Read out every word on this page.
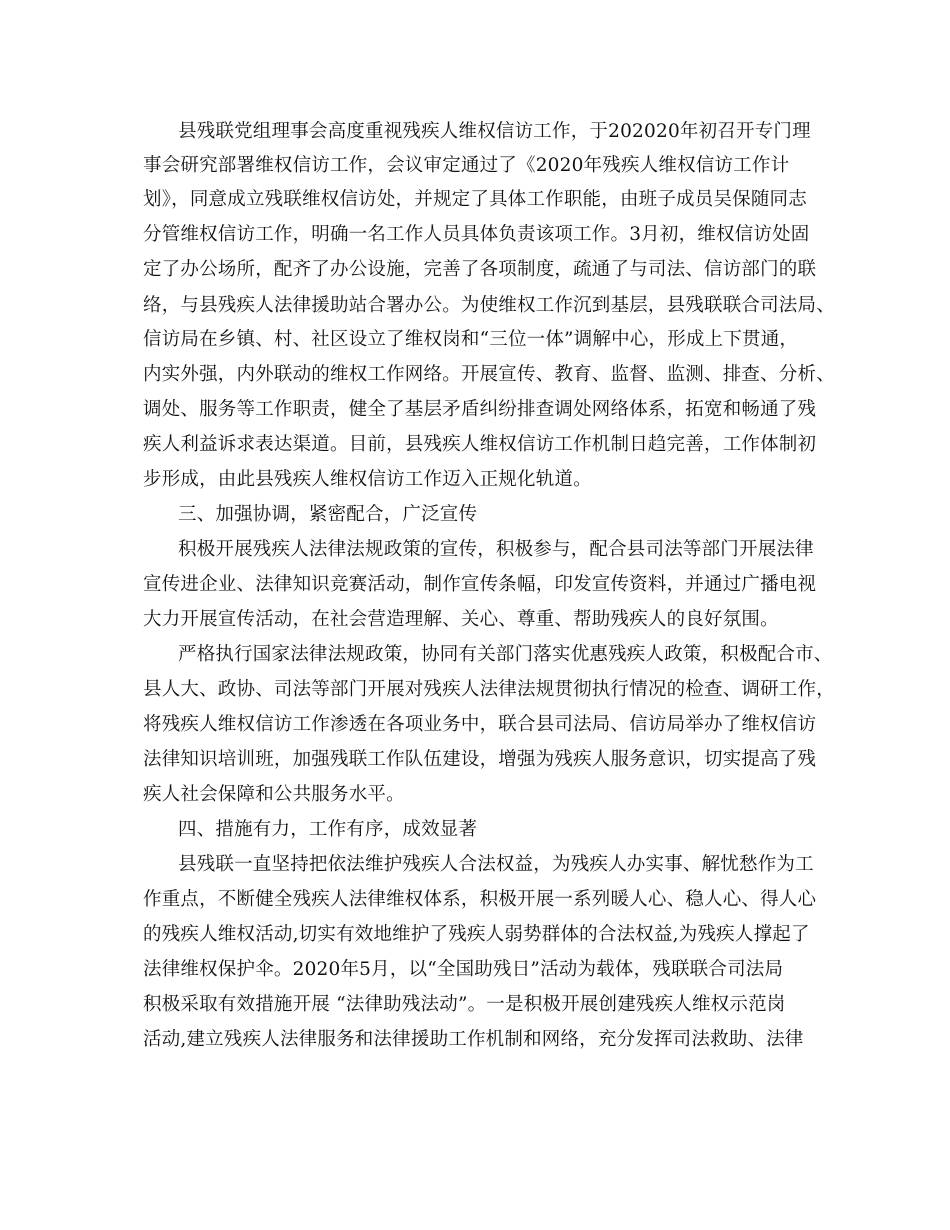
县残联党组理事会高度重视残疾人维权信访工作，于202020年初召开专门理
事会研究部署维权信访工作，会议审定通过了《2020年残疾人维权信访工作计
划》，同意成立残联维权信访处，并规定了具体工作职能，由班子成员吴保随同志
分管维权信访工作，明确一名工作人员具体负责该项工作。3月初，维权信访处固
定了办公场所，配齐了办公设施，完善了各项制度，疏通了与司法、信访部门的联
络，与县残疾人法律援助站合署办公。为使维权工作沉到基层，县残联联合司法局、
信访局在乡镇、村、社区设立了维权岗和“三位一体”调解中心，形成上下贯通，
内实外强，内外联动的维权工作网络。开展宣传、教育、监督、监测、排查、分析、
调处、服务等工作职责，健全了基层矛盾纠纷排查调处网络体系，拓宽和畅通了残
疾人利益诉求表达渠道。目前，县残疾人维权信访工作机制日趋完善，工作体制初
步形成，由此县残疾人维权信访工作迈入正规化轨道。
三、加强协调，紧密配合，广泛宣传
积极开展残疾人法律法规政策的宣传，积极参与，配合县司法等部门开展法律
宣传进企业、法律知识竞赛活动，制作宣传条幅，印发宣传资料，并通过广播电视
大力开展宣传活动，在社会营造理解、关心、尊重、帮助残疾人的良好氛围。
严格执行国家法律法规政策，协同有关部门落实优惠残疾人政策，积极配合市、
县人大、政协、司法等部门开展对残疾人法律法规贯彻执行情况的检查、调研工作，
将残疾人维权信访工作渗透在各项业务中，联合县司法局、信访局举办了维权信访
法律知识培训班，加强残联工作队伍建设，增强为残疾人服务意识，切实提高了残
疾人社会保障和公共服务水平。
四、措施有力，工作有序，成效显著
县残联一直坚持把依法维护残疾人合法权益，为残疾人办实事、解忧愁作为工
作重点，不断健全残疾人法律维权体系，积极开展一系列暖人心、稳人心、得人心
的残疾人维权活动,切实有效地维护了残疾人弱势群体的合法权益,为残疾人撑起了
法律维权保护伞。2020年5月，以“全国助残日”活动为载体，残联联合司法局
积极采取有效措施开展 “法律助残法动”。一是积极开展创建残疾人维权示范岗
活动,建立残疾人法律服务和法律援助工作机制和网络，充分发挥司法救助、法律
